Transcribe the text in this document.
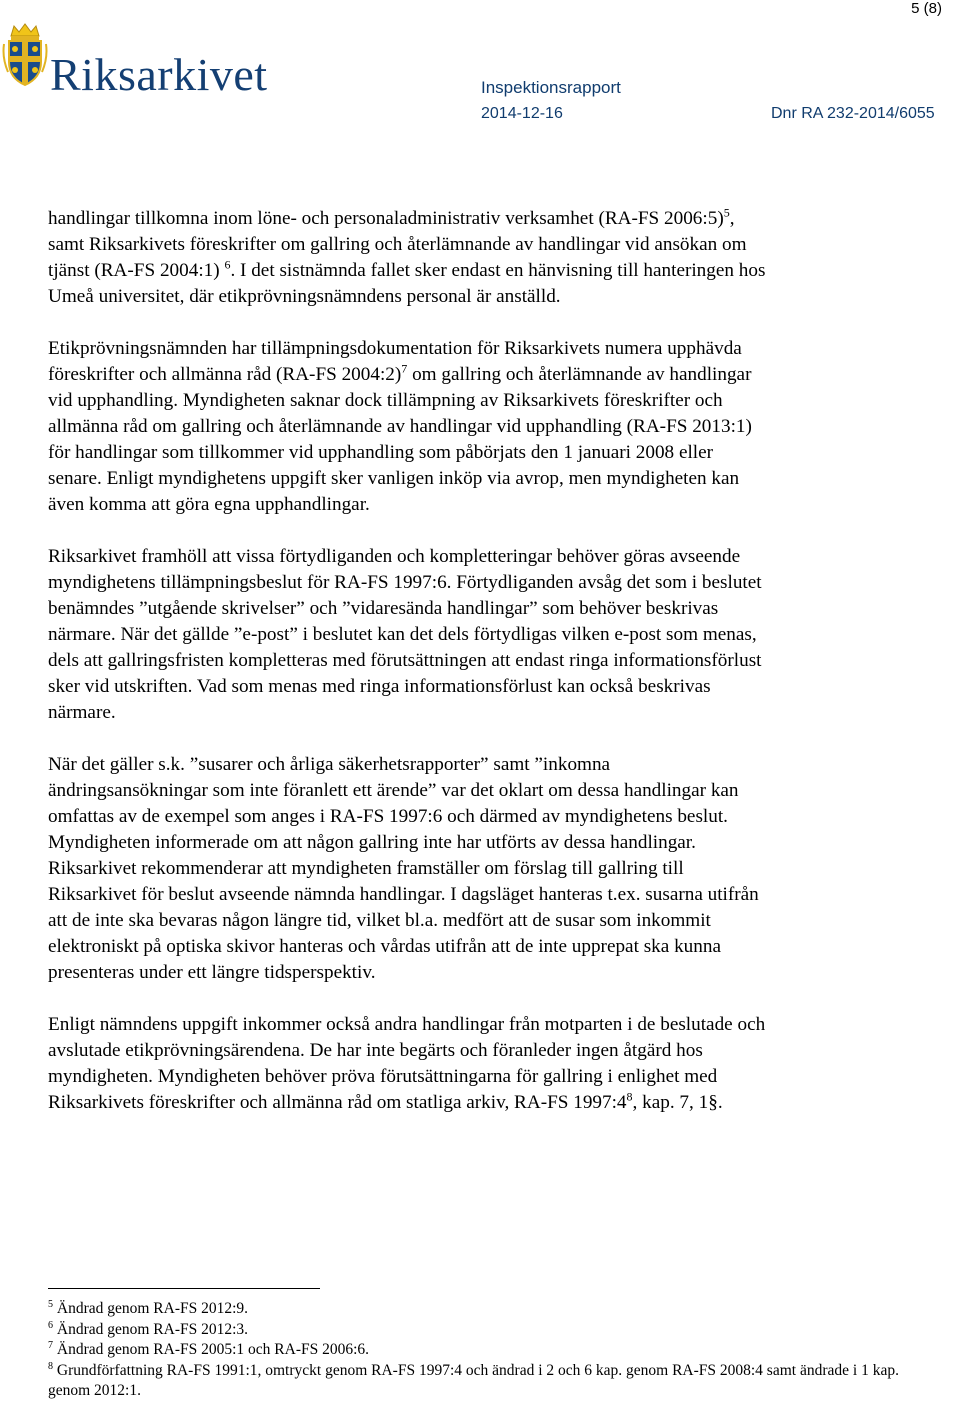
5 (8)
Riksarkivet	Inspektionsrapport
2014-12-16	Dnr RA 232-2014/6055

handlingar tillkomna inom löne- och personaladministrativ verksamhet (RA-FS 2006:5)$^5$, samt Riksarkivets föreskrifter om gallring och återlämnande av handlingar vid ansökan om tjänst (RA-FS 2004:1) $^6$. I det sistnämnda fallet sker endast en hänvisning till hanteringen hos Umeå universitet, där etikprövningsnämndens personal är anställd.

Etikprövningsnämnden har tillämpningsdokumentation för Riksarkivets numera upphävda föreskrifter och allmänna råd (RA-FS 2004:2)$^7$ om gallring och återlämnande av handlingar vid upphandling. Myndigheten saknar dock tillämpning av Riksarkivets föreskrifter och allmänna råd om gallring och återlämnande av handlingar vid upphandling (RA-FS 2013:1) för handlingar som tillkommer vid upphandling som påbörjats den 1 januari 2008 eller senare. Enligt myndighetens uppgift sker vanligen inköp via avrop, men myndigheten kan även komma att göra egna upphandlingar.

Riksarkivet framhöll att vissa förtydliganden och kompletteringar behöver göras avseende myndighetens tillämpningsbeslut för RA-FS 1997:6. Förtydliganden avsåg det som i beslutet benämndes ”utgående skrivelser” och ”vidaresända handlingar” som behöver beskrivas närmare. När det gällde ”e-post” i beslutet kan det dels förtydligas vilken e-post som menas, dels att gallringsfristen kompletteras med förutsättningen att endast ringa informationsförlust sker vid utskriften. Vad som menas med ringa informationsförlust kan också beskrivas närmare.

När det gäller s.k. ”susarer och årliga säkerhetsrapporter” samt ”inkomna ändringsansökningar som inte föranlett ett ärende” var det oklart om dessa handlingar kan omfattas av de exempel som anges i RA-FS 1997:6 och därmed av myndighetens beslut. Myndigheten informerade om att någon gallring inte har utförts av dessa handlingar. Riksarkivet rekommenderar att myndigheten framställer om förslag till gallring till Riksarkivet för beslut avseende nämnda handlingar. I dagsläget hanteras t.ex. susarna utifrån att de inte ska bevaras någon längre tid, vilket bl.a. medfört att de susar som inkommit elektroniskt på optiska skivor hanteras och vårdas utifrån att de inte upprepat ska kunna presenteras under ett längre tidsperspektiv.

Enligt nämndens uppgift inkommer också andra handlingar från motparten i de beslutade och avslutade etikprövningsärendena. De har inte begärts och föranleder ingen åtgärd hos myndigheten. Myndigheten behöver pröva förutsättningarna för gallring i enlighet med Riksarkivets föreskrifter och allmänna råd om statliga arkiv, RA-FS $1997:4^8$, kap. 7, 1§.

$^5$ Ändrad genom RA-FS 2012:9.

$^6$ Ändrad genom RA-FS 2012:3.

$^7$ Ändrad genom RA-FS 2005:1 och RA-FS 2006:6.

$^8$ Grundförfattning RA-FS 1991:1, omtryckt genom RA-FS 1997:4 och ändrad i 2 och 6 kap. genom RA-FS 2008:4 samt ändrade i 1 kap. genom 2012:1.
